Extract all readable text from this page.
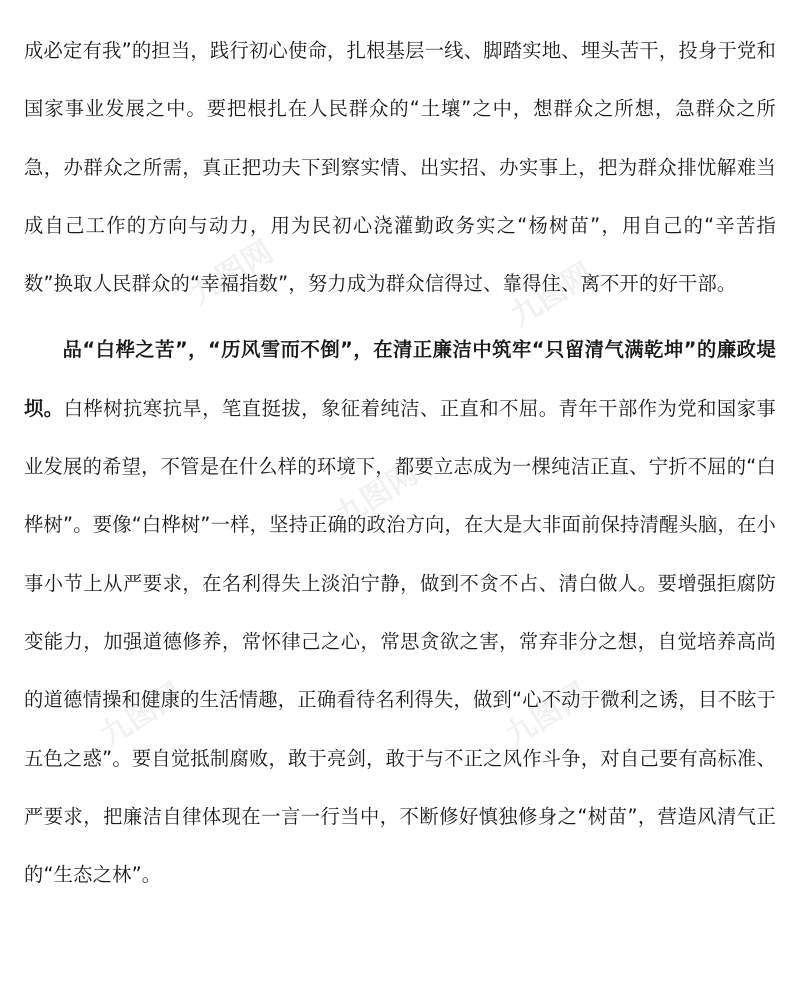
九图网	九图网
九图网
九图网	九图网

成必定有我”的担当，践行初心使命，扎根基层一线、脚踏实地、埋头苦干，投身于党和国家事业发展之中。要把根扎在人民群众的“土壤”之中，想群众之所想，急群众之所急，办群众之所需，真正把功夫下到察实情、出实招、办实事上，把为群众排忧解难当成自己工作的方向与动力，用为民初心浇灌勤政务实之“杨树苗”，用自己的“辛苦指数”换取人民群众的“幸福指数”，努力成为群众信得过、靠得住、离不开的好干部。

品“白桦之苦”，“历风雪而不倒”，在清正廉洁中筑牢“只留清气满乾坤”的廉政堤坝。白桦树抗寒抗旱，笔直挺拔，象征着纯洁、正直和不屈。青年干部作为党和国家事业发展的希望，不管是在什么样的环境下，都要立志成为一棵纯洁正直、宁折不屈的“白桦树”。要像“白桦树”一样，坚持正确的政治方向，在大是大非面前保持清醒头脑，在小事小节上从严要求，在名利得失上淡泊宁静，做到不贪不占、清白做人。要增强拒腐防变能力，加强道德修养，常怀律己之心，常思贪欲之害，常弃非分之想，自觉培养高尚的道德情操和健康的生活情趣，正确看待名利得失，做到“心不动于微利之诱，目不眩于五色之惑”。要自觉抵制腐败，敢于亮剑，敢于与不正之风作斗争，对自己要有高标准、严要求，把廉洁自律体现在一言一行当中，不断修好慎独修身之“树苗”，营造风清气正的“生态之林”。
